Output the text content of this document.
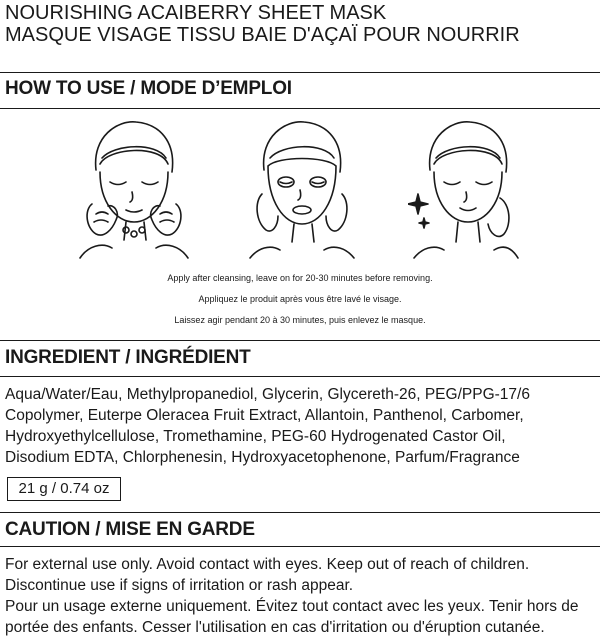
NOURISHING ACAIBERRY SHEET MASK
MASQUE VISAGE TISSU BAIE D'AÇAÏ POUR NOURRIR
HOW TO USE / MODE D’EMPLOI
Apply after cleansing, leave on for 20-30 minutes before removing.
Appliquez le produit après vous être lavé le visage.
Laissez agir pendant 20 à 30 minutes, puis enlevez le masque.
INGREDIENT / INGRÉDIENT
Aqua/Water/Eau, Methylpropanediol, Glycerin, Glycereth-26, PEG/PPG-17/6
Copolymer, Euterpe Oleracea Fruit Extract, Allantoin, Panthenol, Carbomer,
Hydroxyethylcellulose, Tromethamine, PEG-60 Hydrogenated Castor Oil,
Disodium EDTA, Chlorphenesin, Hydroxyacetophenone, Parfum/Fragrance
21 g / 0.74 oz
CAUTION / MISE EN GARDE
For external use only. Avoid contact with eyes. Keep out of reach of children.
Discontinue use if signs of irritation or rash appear.
Pour un usage externe uniquement. Évitez tout contact avec les yeux. Tenir hors de
portée des enfants. Cesser l'utilisation en cas d'irritation ou d'éruption cutanée.
